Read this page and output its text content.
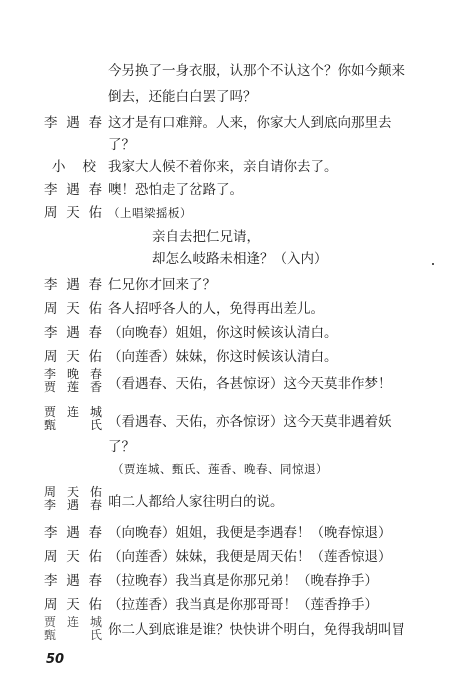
今另换了一身衣服，认那个不认这个？你如今颠来
倒去，还能白白罢了吗？
李遇春 这才是有口难辩。人来，你家大人到底向那里去
了？
小　校 我家大人候不着你来，亲自请你去了。
李遇春 噢！恐怕走了岔路了。
周天佑 （上唱梁摇板）
亲自去把仁兄请，
却怎么岐路未相逢？（入内）
李遇春 仁兄你才回来了？
周天佑 各人招呼各人的人，免得再出差儿。
李遇春 （向晚春）姐姐，你这时候该认清白。
周天佑 （向莲香）妹妹，你这时候该认清白。
李晚春
贾莲香 （看遇春、天佑，各甚惊讶）这今天莫非作梦！
贾连城
甄　氏 （看遇春、天佑，亦各惊讶）这今天莫非遇着妖
了？
（贾连城、甄氏、莲香、晚春、同惊退）
周天佑
李遇春 咱二人都给人家往明白的说。
李遇春 （向晚春）姐姐，我便是李遇春！（晚春惊退）
周天佑 （向莲香）妹妹，我便是周天佑！（莲香惊退）
李遇春 （拉晚春）我当真是你那兄弟！（晚春挣手）
周天佑 （拉莲香）我当真是你那哥哥！（莲香挣手）
贾连城
甄　氏 你二人到底谁是谁？快快讲个明白，免得我胡叫冒
50
